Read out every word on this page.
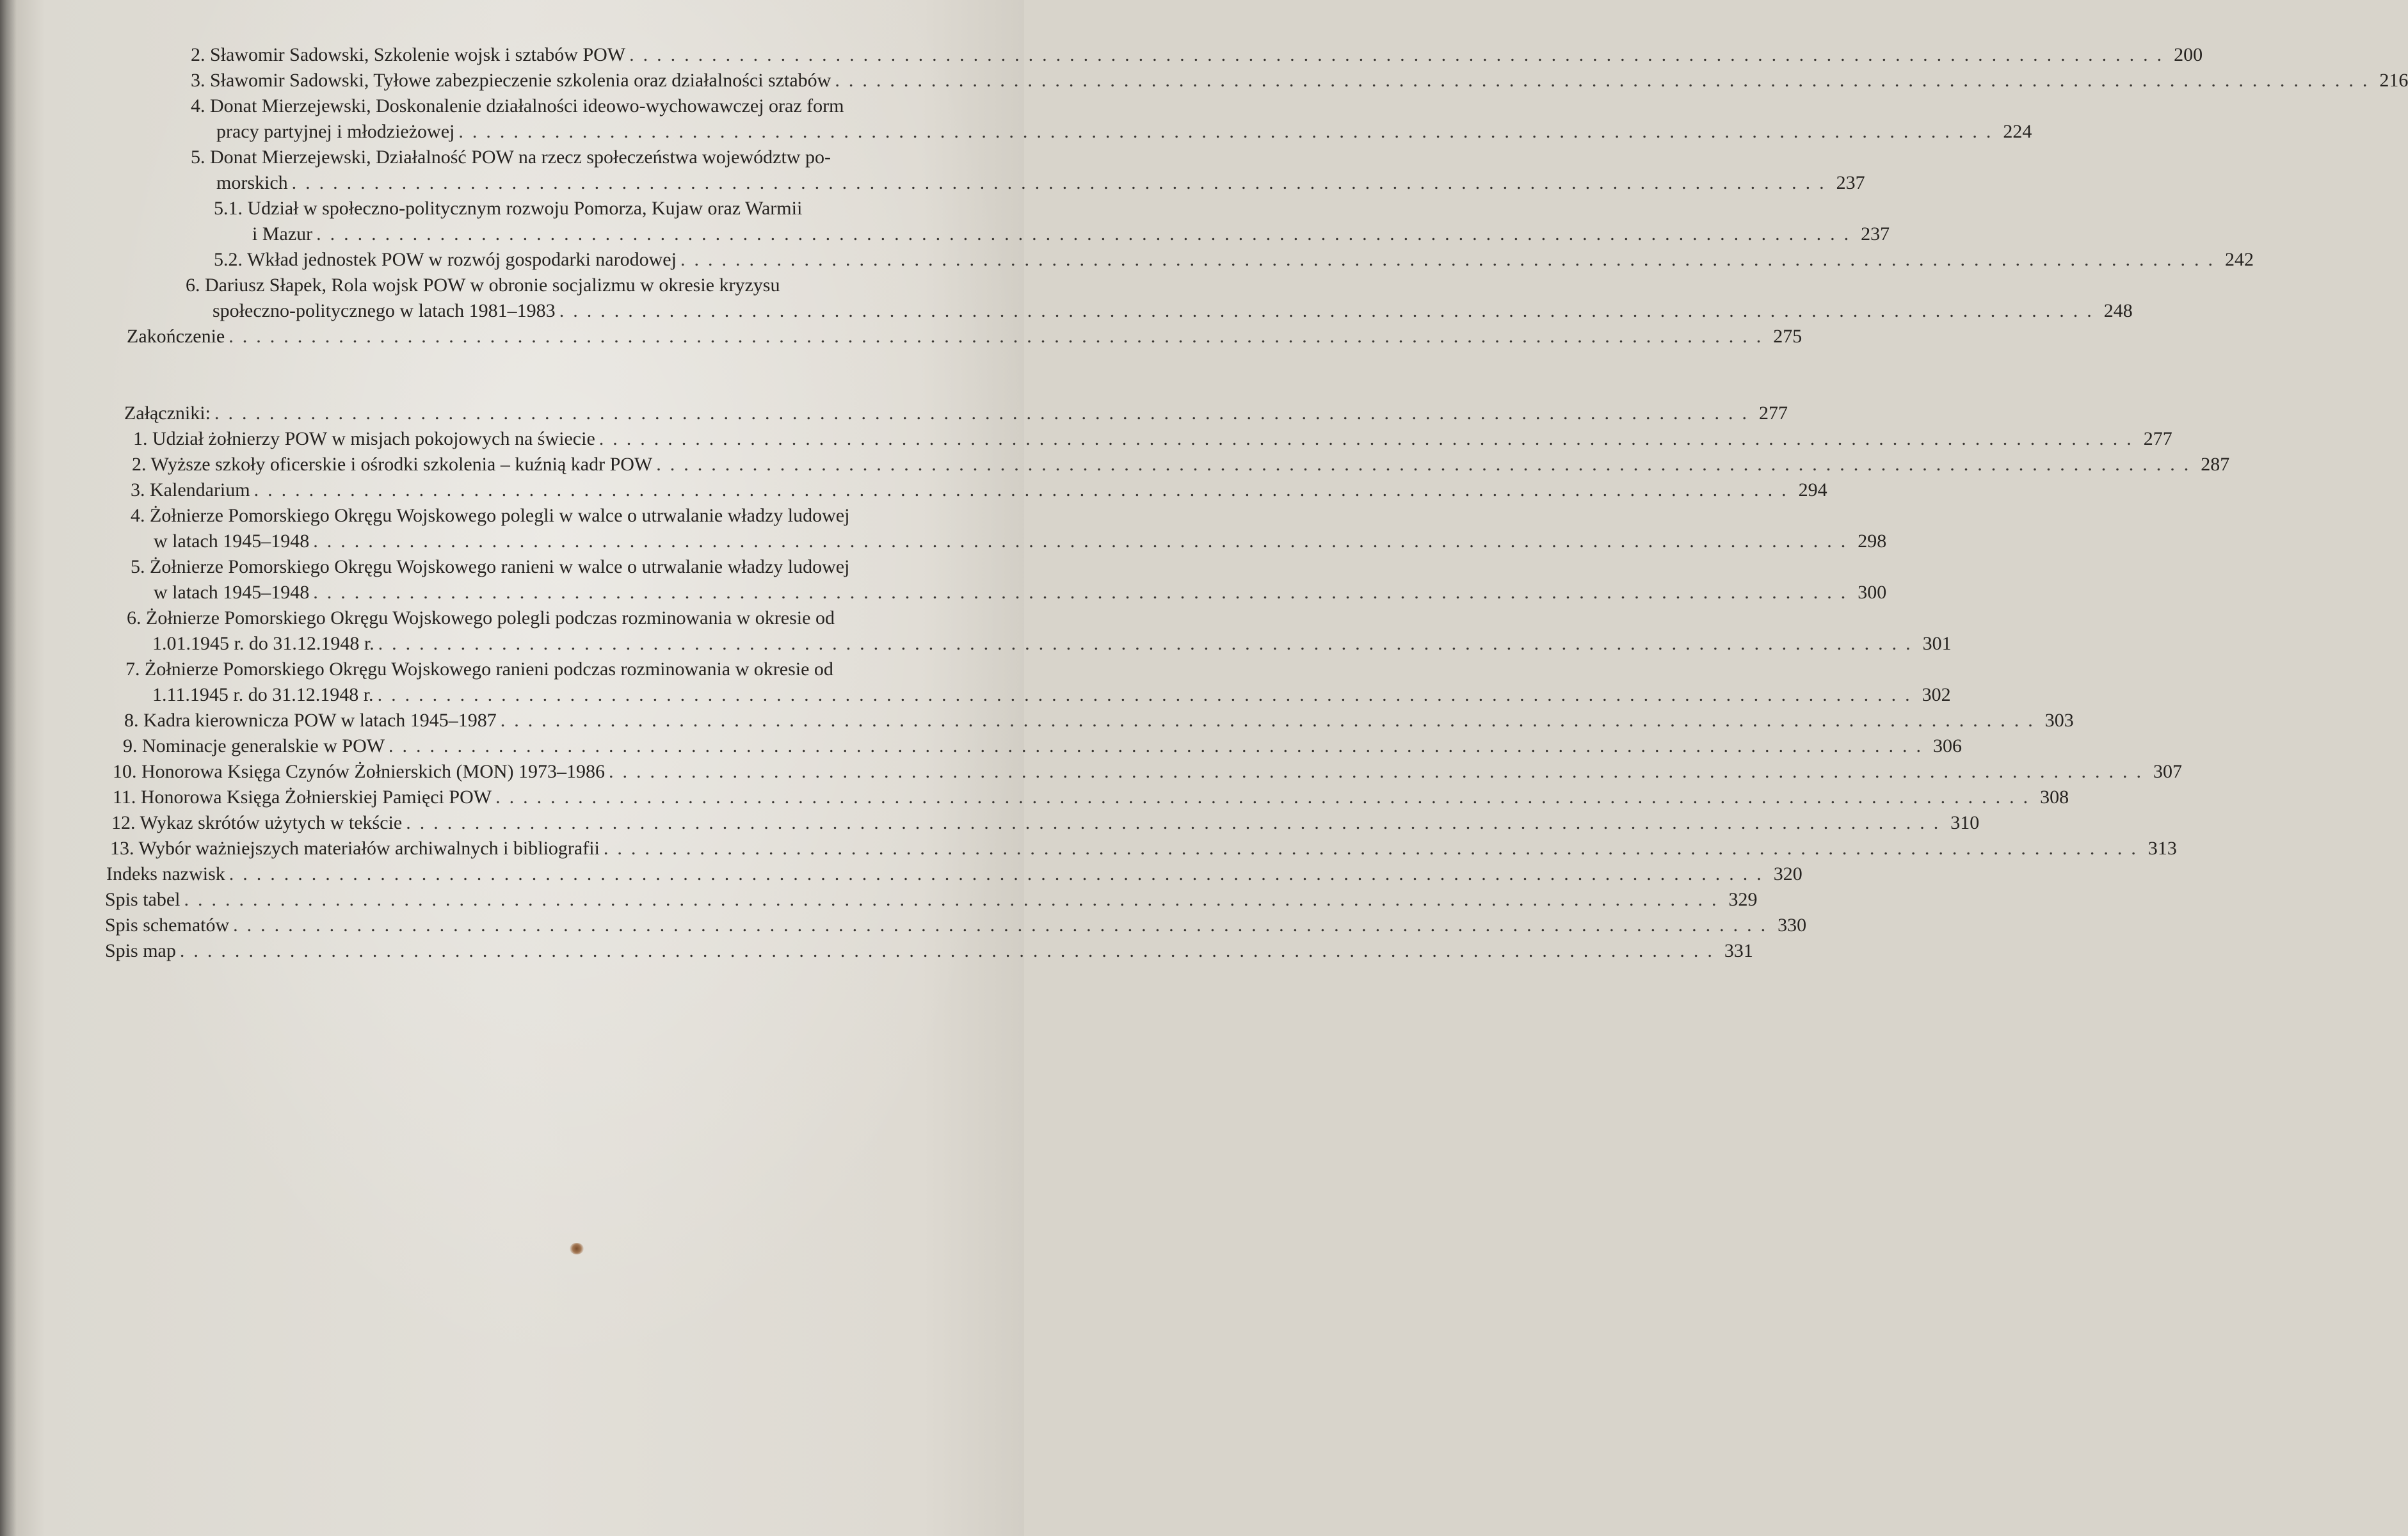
2. Sławomir Sadowski, Szkolenie wojsk i sztabów POW ................................................................................................................ 200
3. Sławomir Sadowski, Tyłowe zabezpieczenie szkolenia oraz działalności sztabów ................................................................................................................ 216
4. Donat Mierzejewski, Doskonalenie działalności ideowo-wychowawczej oraz form
pracy partyjnej i młodzieżowej ................................................................................................................ 224
5. Donat Mierzejewski, Działalność POW na rzecz społeczeństwa województw po-
morskich ................................................................................................................ 237
5.1. Udział w społeczno-politycznym rozwoju Pomorza, Kujaw oraz Warmii
i Mazur ................................................................................................................ 237
5.2. Wkład jednostek POW w rozwój gospodarki narodowej ................................................................................................................ 242
6. Dariusz Słapek, Rola wojsk POW w obronie socjalizmu w okresie kryzysu
społeczno-politycznego w latach 1981–1983 ................................................................................................................ 248
Zakończenie ................................................................................................................ 275
Załączniki: ................................................................................................................ 277
1. Udział żołnierzy POW w misjach pokojowych na świecie ................................................................................................................ 277
2. Wyższe szkoły oficerskie i ośrodki szkolenia – kuźnią kadr POW ................................................................................................................ 287
3. Kalendarium ................................................................................................................ 294
4. Żołnierze Pomorskiego Okręgu Wojskowego polegli w walce o utrwalanie władzy ludowej
w latach 1945–1948 ................................................................................................................ 298
5. Żołnierze Pomorskiego Okręgu Wojskowego ranieni w walce o utrwalanie władzy ludowej
w latach 1945–1948 ................................................................................................................ 300
6. Żołnierze Pomorskiego Okręgu Wojskowego polegli podczas rozminowania w okresie od
1.01.1945 r. do 31.12.1948 r. ................................................................................................................ 301
7. Żołnierze Pomorskiego Okręgu Wojskowego ranieni podczas rozminowania w okresie od
1.11.1945 r. do 31.12.1948 r. ................................................................................................................ 302
8. Kadra kierownicza POW w latach 1945–1987 ................................................................................................................ 303
9. Nominacje generalskie w POW ................................................................................................................ 306
10. Honorowa Księga Czynów Żołnierskich (MON) 1973–1986 ................................................................................................................ 307
11. Honorowa Księga Żołnierskiej Pamięci POW ................................................................................................................ 308
12. Wykaz skrótów użytych w tekście ................................................................................................................ 310
13. Wybór ważniejszych materiałów archiwalnych i bibliografii ................................................................................................................ 313
Indeks nazwisk ................................................................................................................ 320
Spis tabel ................................................................................................................ 329
Spis schematów ................................................................................................................ 330
Spis map ................................................................................................................ 331
